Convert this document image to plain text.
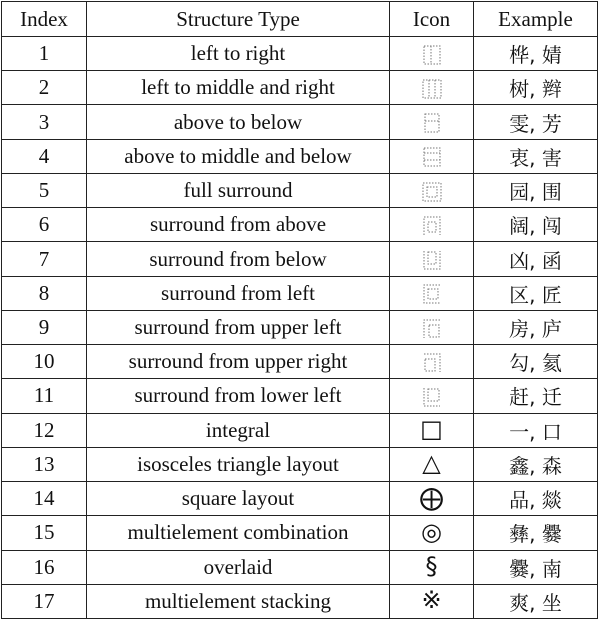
Index	Structure Type	Icon	Example
1	left to right		桦, 婧
2	left to middle and right		树, 辫
3	above to below		雯, 芳
4	above to middle and below		衷, 害
5	full surround		园, 围
6	surround from above		阔, 闯
7	surround from below		凶, 函
8	surround from left		区, 匠
9	surround from upper left		房, 庐
10	surround from upper right		勾, 氦
11	surround from lower left		赶, 迁
12	integral	□	一, 口
13	isosceles triangle layout	△	鑫, 森
14	square layout	⨁	品, 燚
15	multielement combination	◎	彝, 爨
16	overlaid	§	爨, 南
17	multielement stacking	※	爽, 坐
